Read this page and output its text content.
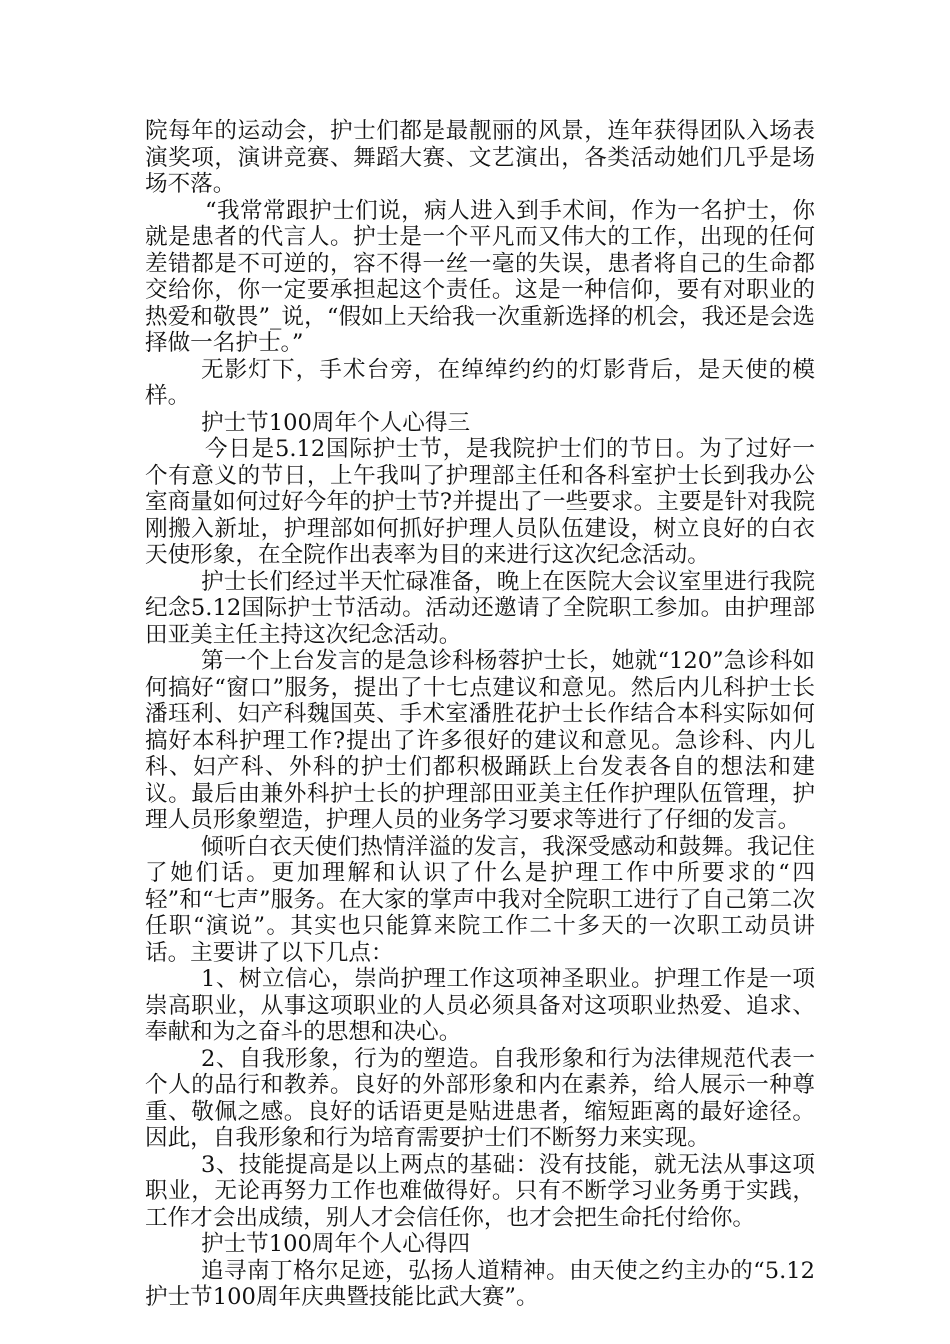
院每年的运动会，护士们都是最靓丽的风景，连年获得团队入场表演奖项，演讲竞赛、舞蹈大赛、文艺演出，各类活动她们几乎是场场不落。

“我常常跟护士们说，病人进入到手术间，作为一名护士，你就是患者的代言人。护士是一个平凡而又伟大的工作，出现的任何差错都是不可逆的，容不得一丝一毫的失误，患者将自己的生命都交给你，你一定要承担起这个责任。这是一种信仰，要有对职业的热爱和敬畏”_说，“假如上天给我一次重新选择的机会，我还是会选择做一名护士。”

无影灯下，手术台旁，在绰绰约约的灯影背后，是天使的模样。

护士节100周年个人心得三

今日是5.12国际护士节，是我院护士们的节日。为了过好一个有意义的节日，上午我叫了护理部主任和各科室护士长到我办公室商量如何过好今年的护士节?并提出了一些要求。主要是针对我院刚搬入新址，护理部如何抓好护理人员队伍建设，树立良好的白衣天使形象，在全院作出表率为目的来进行这次纪念活动。

护士长们经过半天忙碌准备，晚上在医院大会议室里进行我院纪念5.12国际护士节活动。活动还邀请了全院职工参加。由护理部田亚美主任主持这次纪念活动。

第一个上台发言的是急诊科杨蓉护士长，她就“120”急诊科如何搞好“窗口”服务，提出了十七点建议和意见。然后内儿科护士长潘珏利、妇产科魏国英、手术室潘胜花护士长作结合本科实际如何搞好本科护理工作?提出了许多很好的建议和意见。急诊科、内儿科、妇产科、外科的护士们都积极踊跃上台发表各自的想法和建议。最后由兼外科护士长的护理部田亚美主任作护理队伍管理，护理人员形象塑造，护理人员的业务学习要求等进行了仔细的发言。

倾听白衣天使们热情洋溢的发言，我深受感动和鼓舞。我记住了她们话。更加理解和认识了什么是护理工作中所要求的“四轻”和“七声”服务。在大家的掌声中我对全院职工进行了自己第二次任职“演说”。其实也只能算来院工作二十多天的一次职工动员讲话。主要讲了以下几点：

1、树立信心，崇尚护理工作这项神圣职业。护理工作是一项崇高职业，从事这项职业的人员必须具备对这项职业热爱、追求、奉献和为之奋斗的思想和决心。

2、自我形象，行为的塑造。自我形象和行为法律规范代表一个人的品行和教养。良好的外部形象和内在素养，给人展示一种尊重、敬佩之感。良好的话语更是贴进患者，缩短距离的最好途径。因此，自我形象和行为培育需要护士们不断努力来实现。

3、技能提高是以上两点的基础：没有技能，就无法从事这项职业，无论再努力工作也难做得好。只有不断学习业务勇于实践，工作才会出成绩，别人才会信任你，也才会把生命托付给你。

护士节100周年个人心得四

追寻南丁格尔足迹，弘扬人道精神。由天使之约主办的“5.12护士节100周年庆典暨技能比武大赛”。
